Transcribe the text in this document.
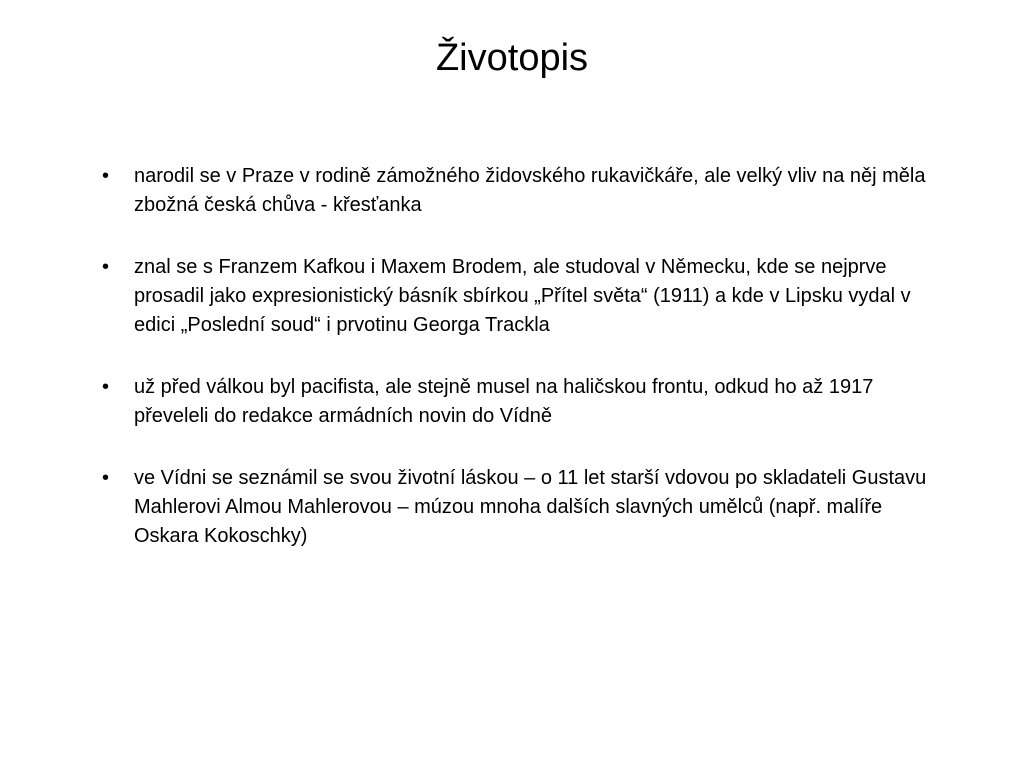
Životopis
• narodil se v Praze v rodině zámožného židovského rukavičkáře, ale velký vliv na něj měla zbožná česká chůva - křesťanka
• znal se s Franzem Kafkou i Maxem Brodem, ale studoval v Německu, kde se nejprve prosadil jako expresionistický básník sbírkou „Přítel světa“ (1911) a kde v Lipsku vydal v edici „Poslední soud“ i prvotinu Georga Trackla
• už před válkou byl pacifista, ale stejně musel na haličskou frontu, odkud ho až 1917 převeleli do redakce armádních novin do Vídně
• ve Vídni se seznámil se svou životní láskou – o 11 let starší vdovou po skladateli Gustavu Mahlerovi Almou Mahlerovou – múzou mnoha dalších slavných umělců (např. malíře Oskara Kokoschky)
